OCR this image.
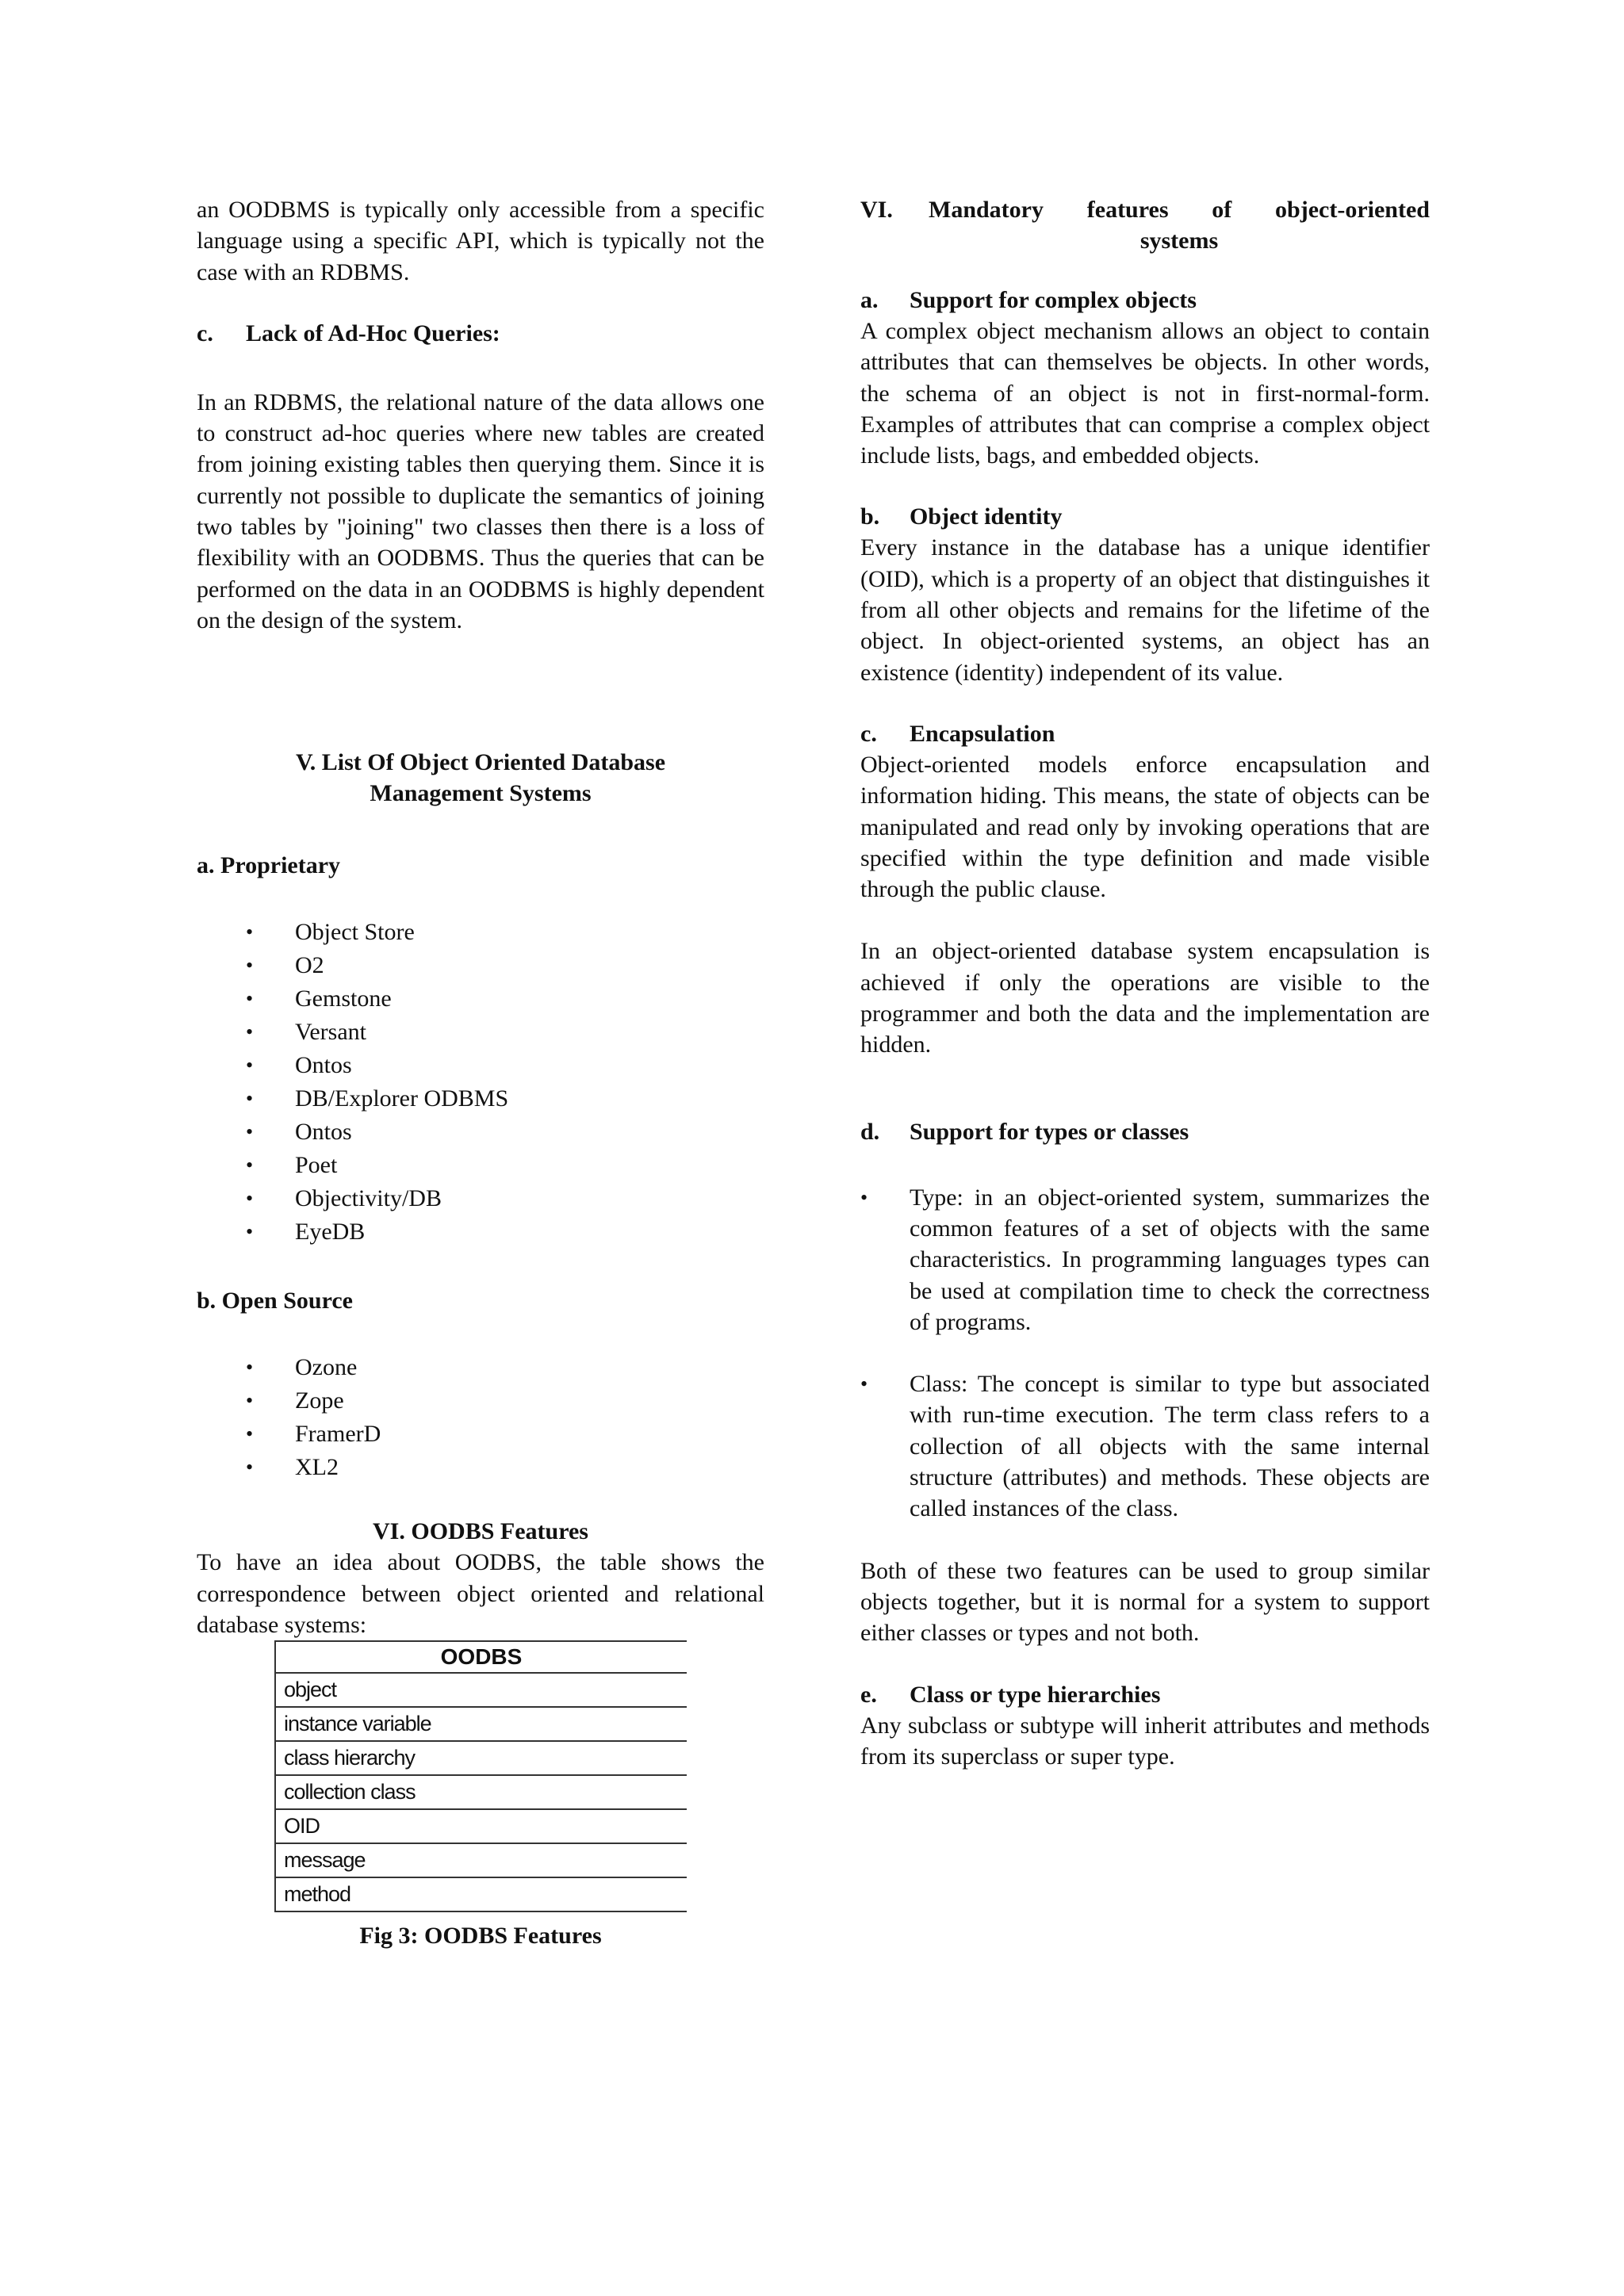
an OODBMS is typically only accessible from a specific language using a specific API, which is typically not the case with an RDBMS.

c. Lack of Ad-Hoc Queries:

In an RDBMS, the relational nature of the data allows one to construct ad-hoc queries where new tables are created from joining existing tables then querying them. Since it is currently not possible to duplicate the semantics of joining two tables by "joining" two classes then there is a loss of flexibility with an OODBMS. Thus the queries that can be performed on the data in an OODBMS is highly dependent on the design of the system.

V. List Of Object Oriented Database
Management Systems
a. Proprietary
• Object Store
• O2
• Gemstone
• Versant
• Ontos
• DB/Explorer ODBMS
• Ontos
• Poet
• Objectivity/DB
• EyeDB
b. Open Source
• Ozone
• Zope
• FramerD
• XL2
VI. OODBS Features

To have an idea about OODBS, the table shows the correspondence between object oriented and relational database systems:

OODBS
object
instance variable
class hierarchy
collection class
OID
message
method
Fig 3: OODBS Features
VI.	Mandatory features of object-oriented
systems
a. Support for complex objects

A complex object mechanism allows an object to contain attributes that can themselves be objects. In other words, the schema of an object is not in first-normal-form. Examples of attributes that can comprise a complex object include lists, bags, and embedded objects.

b. Object identity

Every instance in the database has a unique identifier (OID), which is a property of an object that distinguishes it from all other objects and remains for the lifetime of the object. In object-oriented systems, an object has an existence (identity) independent of its value.

c. Encapsulation

Object-oriented models enforce encapsulation and information hiding. This means, the state of objects can be manipulated and read only by invoking operations that are specified within the type definition and made visible through the public clause.

In an object-oriented database system encapsulation is achieved if only the operations are visible to the programmer and both the data and the implementation are hidden.

d. Support for types or classes
• Type: in an object-oriented system, summarizes the common features of a set of objects with the same characteristics. In programming languages types can be used at compilation time to check the correctness of programs.
• Class: The concept is similar to type but associated with run-time execution. The term class refers to a collection of all objects with the same internal structure (attributes) and methods. These objects are called instances of the class.

Both of these two features can be used to group similar objects together, but it is normal for a system to support either classes or types and not both.

e. Class or type hierarchies

Any subclass or subtype will inherit attributes and methods from its superclass or super type.
